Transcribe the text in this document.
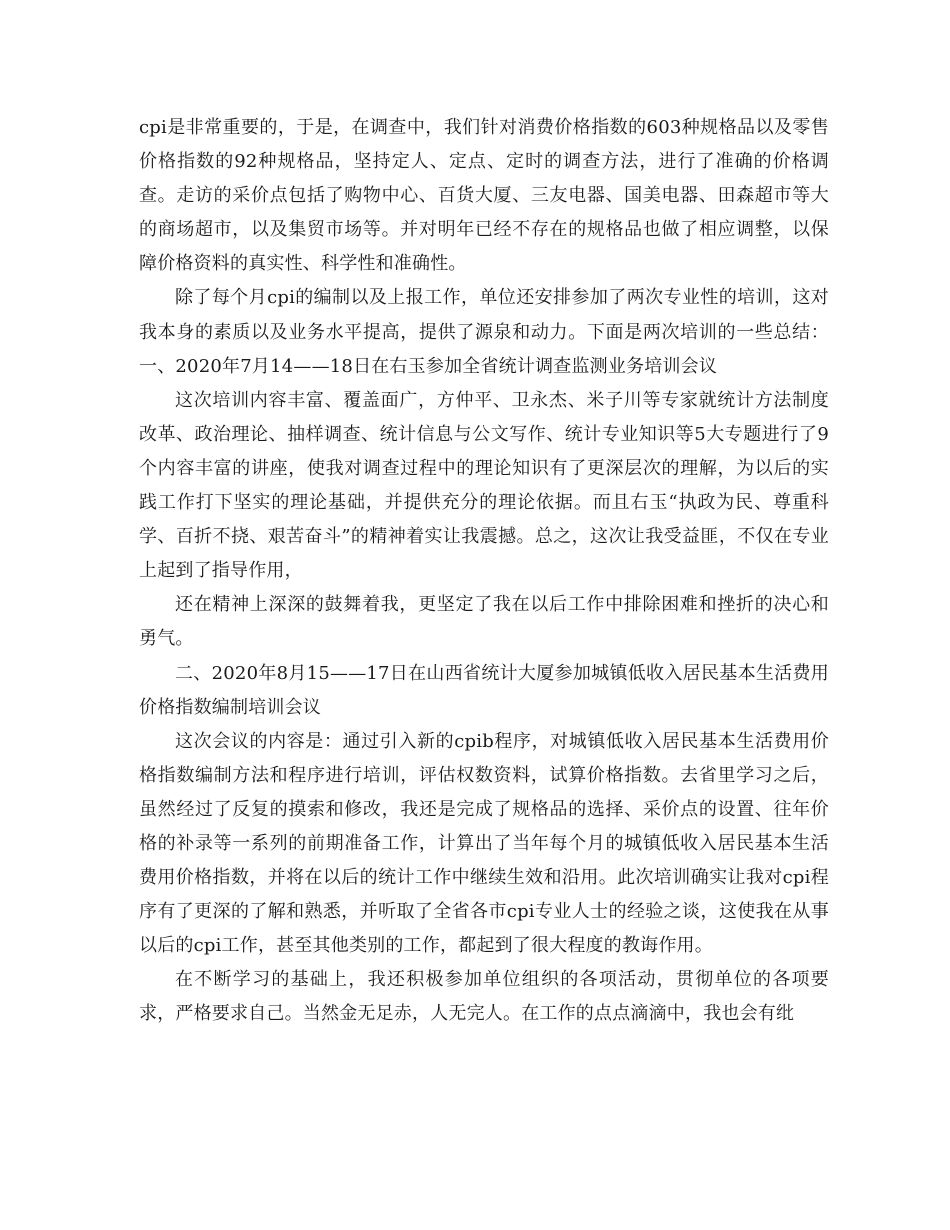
cpi是非常重要的，于是，在调查中，我们针对消费价格指数的603种规格品以及零售价格指数的92种规格品，坚持定人、定点、定时的调查方法，进行了准确的价格调查。走访的采价点包括了购物中心、百货大厦、三友电器、国美电器、田森超市等大的商场超市，以及集贸市场等。并对明年已经不存在的规格品也做了相应调整，以保障价格资料的真实性、科学性和准确性。

除了每个月cpi的编制以及上报工作，单位还安排参加了两次专业性的培训，这对我本身的素质以及业务水平提高，提供了源泉和动力。下面是两次培训的一些总结：一、2020年7月14——18日在右玉参加全省统计调查监测业务培训会议

这次培训内容丰富、覆盖面广，方仲平、卫永杰、米子川等专家就统计方法制度改革、政治理论、抽样调查、统计信息与公文写作、统计专业知识等5大专题进行了9个内容丰富的讲座，使我对调查过程中的理论知识有了更深层次的理解，为以后的实践工作打下坚实的理论基础，并提供充分的理论依据。而且右玉“执政为民、尊重科学、百折不挠、艰苦奋斗”的精神着实让我震撼。总之，这次让我受益匪，不仅在专业上起到了指导作用，

还在精神上深深的鼓舞着我，更坚定了我在以后工作中排除困难和挫折的决心和勇气。

二、2020年8月15——17日在山西省统计大厦参加城镇低收入居民基本生活费用价格指数编制培训会议

这次会议的内容是：通过引入新的cpib程序，对城镇低收入居民基本生活费用价格指数编制方法和程序进行培训，评估权数资料，试算价格指数。去省里学习之后，虽然经过了反复的摸索和修改，我还是完成了规格品的选择、采价点的设置、往年价格的补录等一系列的前期准备工作，计算出了当年每个月的城镇低收入居民基本生活费用价格指数，并将在以后的统计工作中继续生效和沿用。此次培训确实让我对cpi程序有了更深的了解和熟悉，并听取了全省各市cpi专业人士的经验之谈，这使我在从事以后的cpi工作，甚至其他类别的工作，都起到了很大程度的教诲作用。

在不断学习的基础上，我还积极参加单位组织的各项活动，贯彻单位的各项要求，严格要求自己。当然金无足赤，人无完人。在工作的点点滴滴中，我也会有纰
